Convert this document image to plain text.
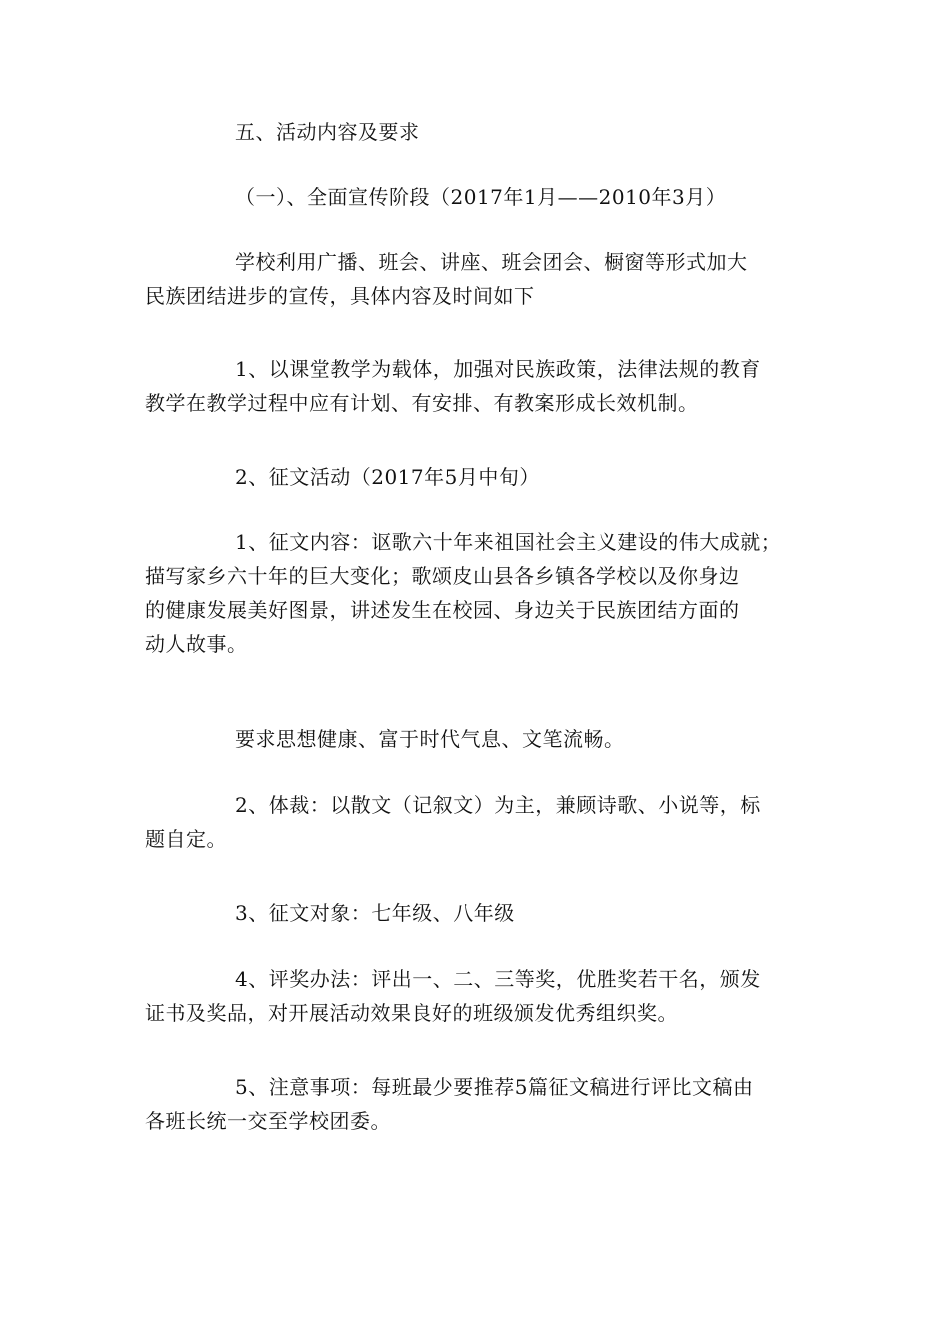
五、活动内容及要求

（一）、全面宣传阶段（2017年1月——2010年3月）

学校利用广播、班会、讲座、班会团会、橱窗等形式加大
民族团结进步的宣传，具体内容及时间如下

1、以课堂教学为载体，加强对民族政策，法律法规的教育
教学在教学过程中应有计划、有安排、有教案形成长效机制。

2、征文活动（2017年5月中旬）

1、征文内容：讴歌六十年来祖国社会主义建设的伟大成就；
描写家乡六十年的巨大变化；歌颂皮山县各乡镇各学校以及你身边
的健康发展美好图景，讲述发生在校园、身边关于民族团结方面的
动人故事。

要求思想健康、富于时代气息、文笔流畅。

2、体裁：以散文（记叙文）为主，兼顾诗歌、小说等，标
题自定。

3、征文对象：七年级、八年级

4、评奖办法：评出一、二、三等奖，优胜奖若干名，颁发
证书及奖品，对开展活动效果良好的班级颁发优秀组织奖。

5、注意事项：每班最少要推荐5篇征文稿进行评比文稿由
各班长统一交至学校团委。
